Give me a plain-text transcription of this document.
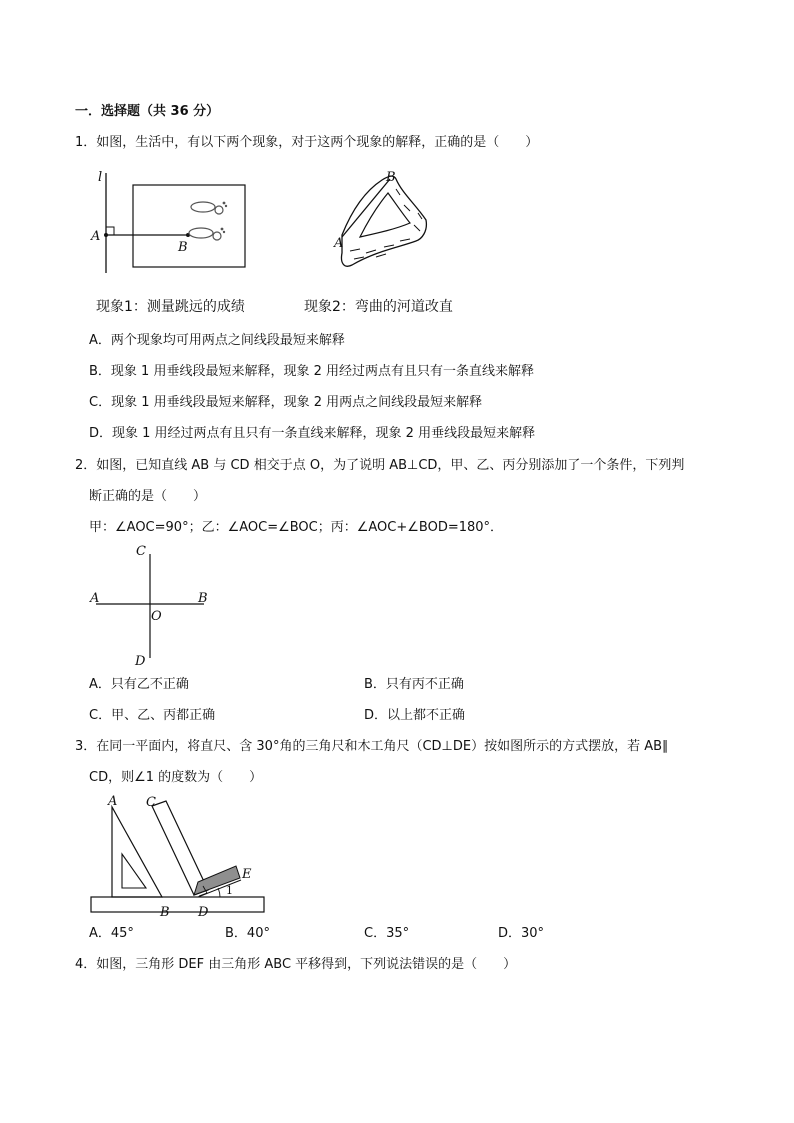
一．选择题（共 36 分）
1．如图，生活中，有以下两个现象，对于这两个现象的解释，正确的是（　　）
l
A
B	A
B
现象1：测量跳远的成绩	现象2：弯曲的河道改直
A．两个现象均可用两点之间线段最短来解释
B．现象 1 用垂线段最短来解释，现象 2 用经过两点有且只有一条直线来解释
C．现象 1 用垂线段最短来解释，现象 2 用两点之间线段最短来解释
D．现象 1 用经过两点有且只有一条直线来解释，现象 2 用垂线段最短来解释
2．如图，已知直线 AB 与 CD 相交于点 O，为了说明 AB⊥CD，甲、乙、丙分别添加了一个条件，下列判
断正确的是（　　）
甲：∠AOC=90°；乙：∠AOC=∠BOC；丙：∠AOC+∠BOD=180°．
A	B
C
D
O
A．只有乙不正确	B．只有丙不正确
C．甲、乙、丙都正确	D．以上都不正确
3．在同一平面内，将直尺、含 30°角的三角尺和木工角尺（CD⊥DE）按如图所示的方式摆放，若 AB∥
CD，则∠1 的度数为（　　）
A C
B D
E
1
A．45°	B．40°	C．35°	D．30°
4．如图，三角形 DEF 由三角形 ABC 平移得到，下列说法错误的是（　　）
